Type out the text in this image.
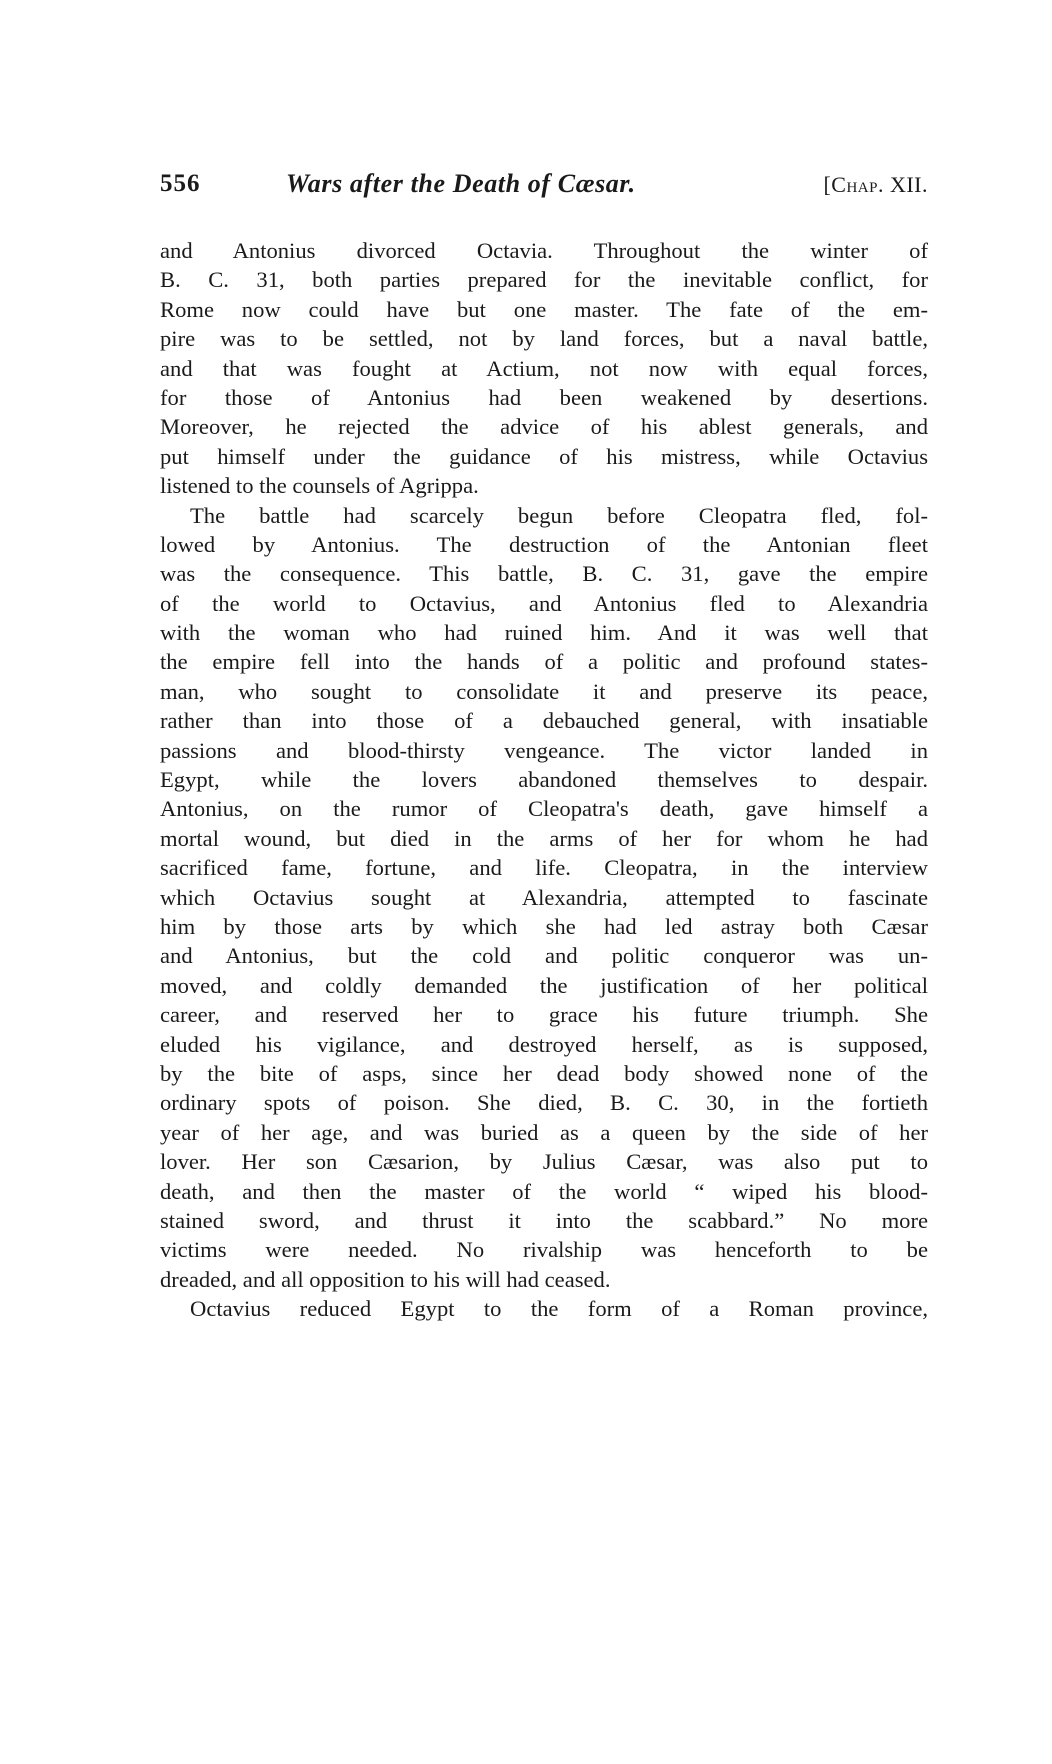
556	Wars after the Death of Cæsar.	[Chap. XII.
and Antonius divorced Octavia. Throughout the winter of
B. C. 31, both parties prepared for the inevitable conflict, for
Rome now could have but one master. The fate of the em-
pire was to be settled, not by land forces, but a naval battle,
and that was fought at Actium, not now with equal forces,
for those of Antonius had been weakened by desertions.
Moreover, he rejected the advice of his ablest generals, and
put himself under the guidance of his mistress, while Octavius
listened to the counsels of Agrippa.
The battle had scarcely begun before Cleopatra fled, fol-
lowed by Antonius. The destruction of the Antonian fleet
was the consequence. This battle, B. C. 31, gave the empire
of the world to Octavius, and Antonius fled to Alexandria
with the woman who had ruined him. And it was well that
the empire fell into the hands of a politic and profound states-
man, who sought to consolidate it and preserve its peace,
rather than into those of a debauched general, with insatiable
passions and blood-thirsty vengeance. The victor landed in
Egypt, while the lovers abandoned themselves to despair.
Antonius, on the rumor of Cleopatra's death, gave himself a
mortal wound, but died in the arms of her for whom he had
sacrificed fame, fortune, and life. Cleopatra, in the interview
which Octavius sought at Alexandria, attempted to fascinate
him by those arts by which she had led astray both Cæsar
and Antonius, but the cold and politic conqueror was un-
moved, and coldly demanded the justification of her political
career, and reserved her to grace his future triumph. She
eluded his vigilance, and destroyed herself, as is supposed,
by the bite of asps, since her dead body showed none of the
ordinary spots of poison. She died, B. C. 30, in the fortieth
year of her age, and was buried as a queen by the side of her
lover. Her son Cæsarion, by Julius Cæsar, was also put to
death, and then the master of the world “ wiped his blood-
stained sword, and thrust it into the scabbard.” No more
victims were needed. No rivalship was henceforth to be
dreaded, and all opposition to his will had ceased.
Octavius reduced Egypt to the form of a Roman province,
